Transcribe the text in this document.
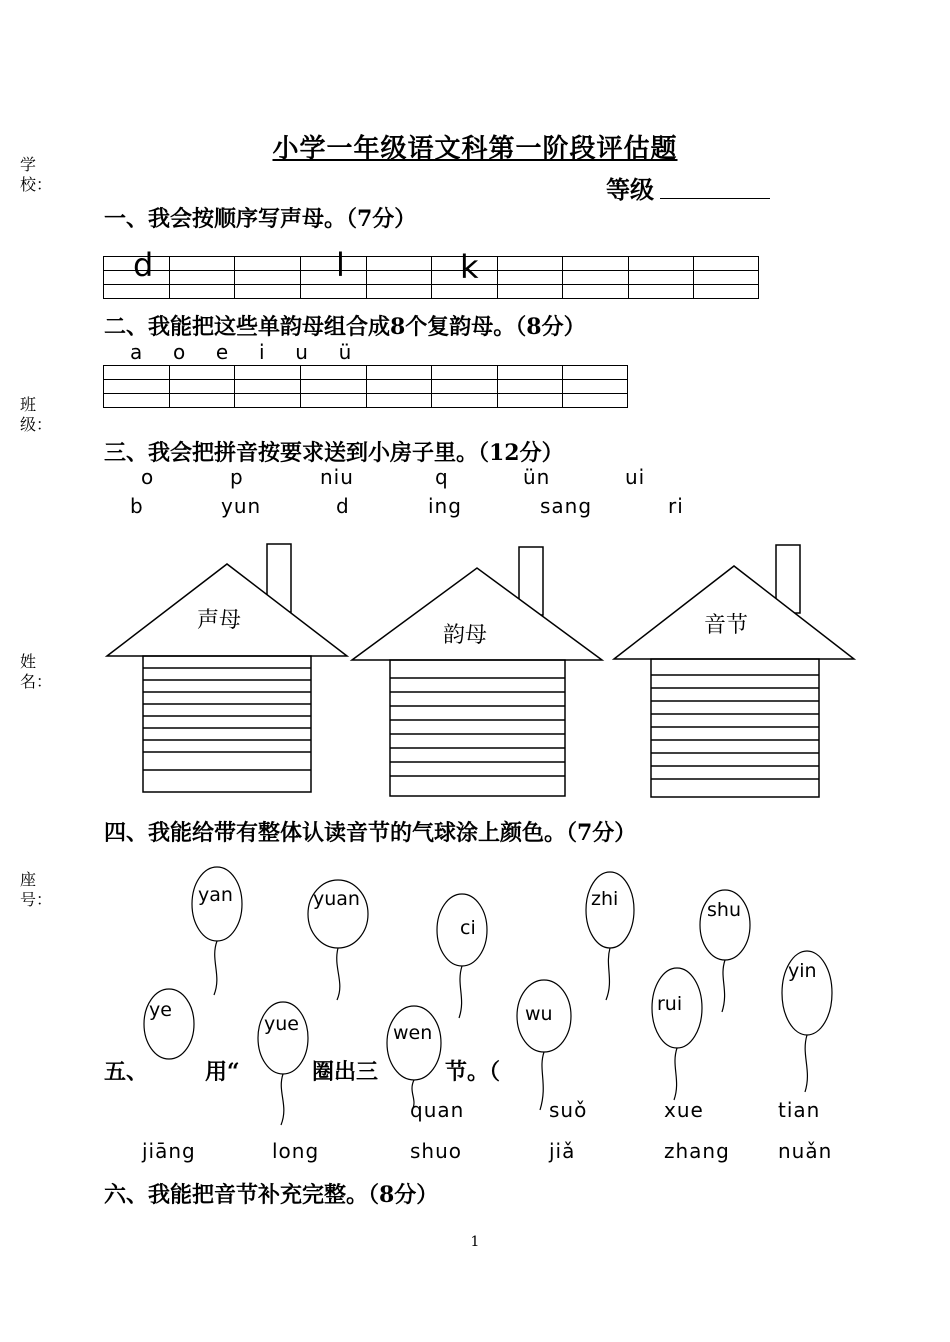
学校：
班级：
姓名：
座号：
小学一年级语文科第一阶段评估题
等级
一、我会按顺序写声母。（7分）
d	l	k
二、我能把这些单韵母组合成8个复韵母。（8分）
a  o  e  i  u  ü
三、我会把拼音按要求送到小房子里。（12分）
o	p	niu	q	ün	ui
b	yun	d	ing	sang	ri
声母
韵母	音节
四、我能给带有整体认读音节的气球涂上颜色。（7分）
五、	用“	圈出三	节。（
quan	suǒ	xue	tian
jiāng	long	shuo	jiǎ	zhang nuǎn
yan	yuan
ci
zhi	shu
yin
ye
yue	wen
wu	rui
六、我能把音节补充完整。（8分）
1
